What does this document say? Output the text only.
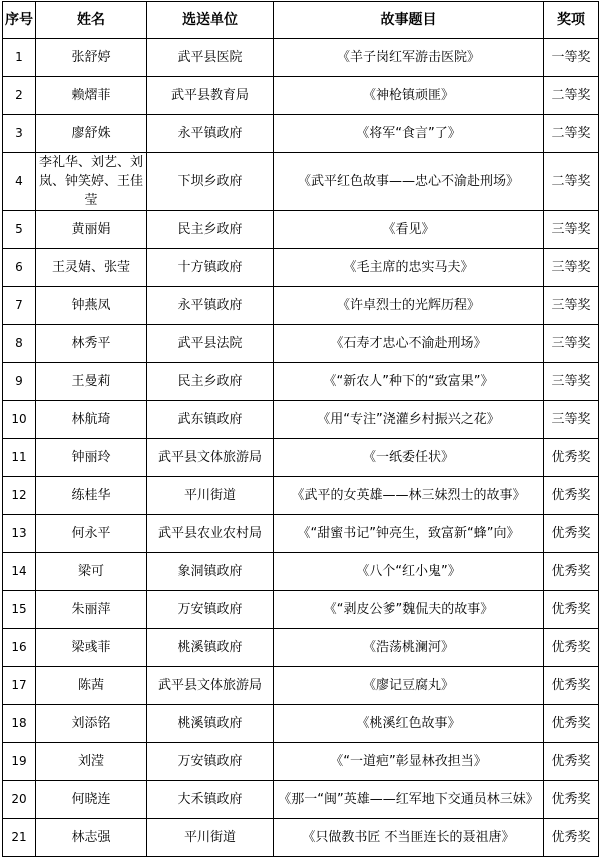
序号	姓名	选送单位	故事题目	奖项
1	张舒婷	武平县医院	《羊子岗红军游击医院》	一等奖
2	赖熠菲	武平县教育局	《神枪镇顽匪》	二等奖
3	廖舒姝	永平镇政府	《将军“食言”了》	二等奖
4	李礼华、刘艺、刘岚、钟笑婷、王佳莹	下坝乡政府	《武平红色故事——忠心不渝赴刑场》	二等奖
5	黄丽娟	民主乡政府	《看见》	三等奖
6	王灵婧、张莹	十方镇政府	《毛主席的忠实马夫》	三等奖
7	钟燕凤	永平镇政府	《许卓烈士的光辉历程》	三等奖
8	林秀平	武平县法院	《石寿才忠心不渝赴刑场》	三等奖
9	王曼莉	民主乡政府	《“新农人”种下的“致富果”》	三等奖
10	林航琦	武东镇政府	《用“专注”浇灌乡村振兴之花》	三等奖
11	钟丽玲	武平县文体旅游局	《一纸委任状》	优秀奖
12	练桂华	平川街道	《武平的女英雄——林三妹烈士的故事》	优秀奖
13	何永平	武平县农业农村局	《“甜蜜书记”钟亮生，致富新“蜂”向》	优秀奖
14	梁可	象洞镇政府	《八个“红小鬼”》	优秀奖
15	朱丽萍	万安镇政府	《“剥皮公爹”魏侃夫的故事》	优秀奖
16	梁彧菲	桃溪镇政府	《浩荡桃澜河》	优秀奖
17	陈茜	武平县文体旅游局	《廖记豆腐丸》	优秀奖
18	刘添铭	桃溪镇政府	《桃溪红色故事》	优秀奖
19	刘滢	万安镇政府	《“一道疤”彰显林孜担当》	优秀奖
20	何晓连	大禾镇政府	《那一“闽”英雄——红军地下交通员林三妹》	优秀奖
21	林志强	平川街道	《只做教书匠 不当匪连长的聂祖唐》	优秀奖
